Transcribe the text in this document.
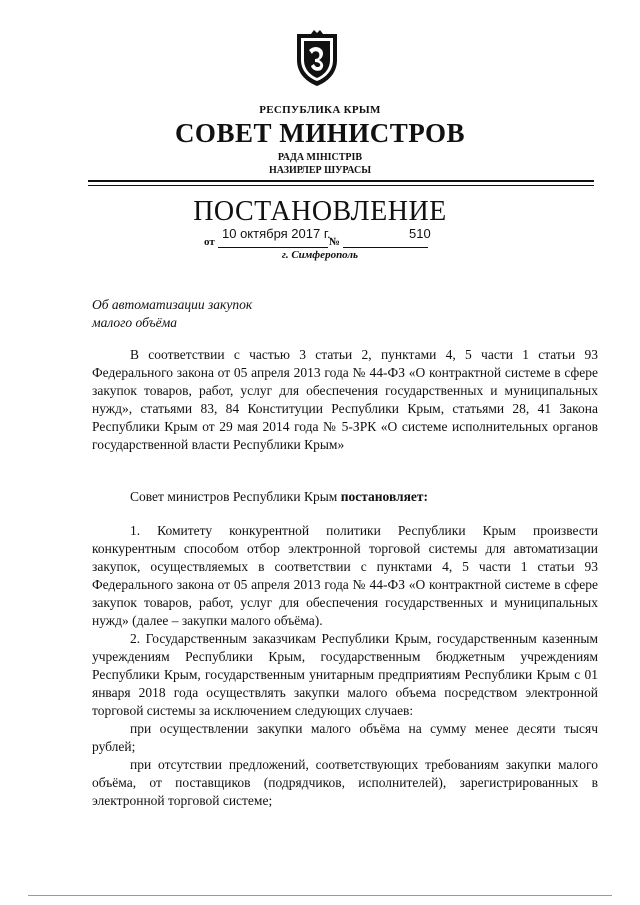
РЕСПУБЛИКА КРЫМ
СОВЕТ МИНИСТРОВ
РАДА МІНІСТРІВ
НАЗИРЛЕР ШУРАСЫ
ПОСТАНОВЛЕНИЕ
от
10 октября 2017 г.
№
510
г. Симферополь
Об автоматизации закупок
малого объёма

В соответствии с частью 3 статьи 2, пунктами 4, 5 части 1 статьи 93 Федерального закона от 05 апреля 2013 года № 44-ФЗ «О контрактной системе в сфере закупок товаров, работ, услуг для обеспечения государственных и муниципальных нужд», статьями 83, 84 Конституции Республики Крым, статьями 28, 41 Закона Республики Крым от 29 мая 2014 года № 5-ЗРК «О системе исполнительных органов государственной власти Республики Крым»

Совет министров Республики Крым постановляет:

1. Комитету конкурентной политики Республики Крым произвести конкурентным способом отбор электронной торговой системы для автоматизации закупок, осуществляемых в соответствии с пунктами 4, 5 части 1 статьи 93 Федерального закона от 05 апреля 2013 года № 44-ФЗ «О контрактной системе в сфере закупок товаров, работ, услуг для обеспечения государственных и муниципальных нужд» (далее – закупки малого объёма).

2. Государственным заказчикам Республики Крым, государственным казенным учреждениям Республики Крым, государственным бюджетным учреждениям Республики Крым, государственным унитарным предприятиям Республики Крым с 01 января 2018 года осуществлять закупки малого объема посредством электронной торговой системы за исключением следующих случаев:

при осуществлении закупки малого объёма на сумму менее десяти тысяч рублей;

при отсутствии предложений, соответствующих требованиям закупки малого объёма, от поставщиков (подрядчиков, исполнителей), зарегистрированных в электронной торговой системе;
